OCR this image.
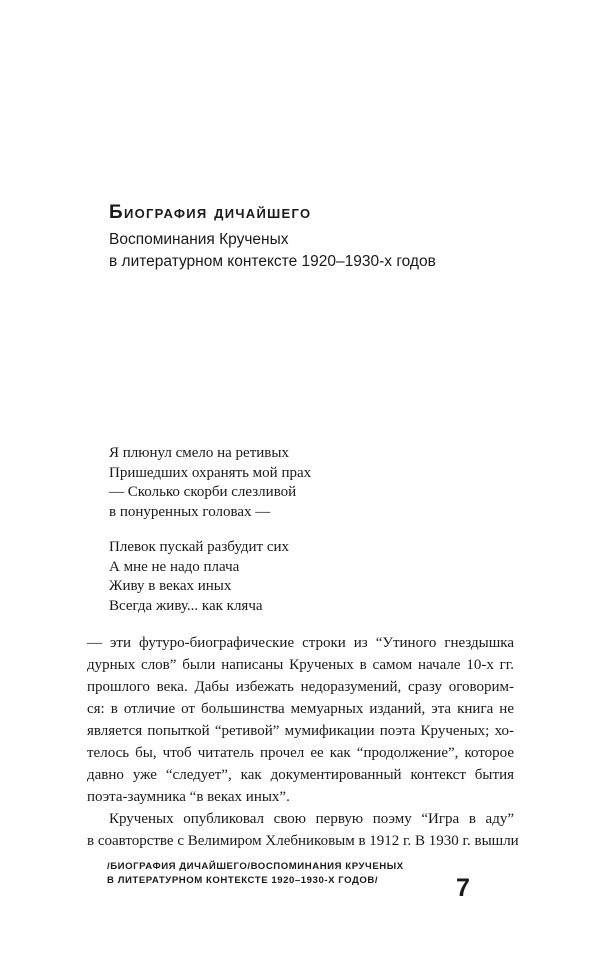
Биография дичайшего

Воспоминания Крученых

в литературном контексте 1920–1930-х годов

Я плюнул смело на ретивых
Пришедших охранять мой прах
— Сколько скорби слезливой
в понуренных головах —
Плевок пускай разбудит сих
А мне не надо плача
Живу в веках иных
Всегда живу... как кляча
— эти футуро-биографические строки из “Утиного гнездышка
дурных слов” были написаны Крученых в самом начале 10-х гг.
прошлого века. Дабы избежать недоразумений, сразу оговорим-
ся: в отличие от большинства мемуарных изданий, эта книга не
является попыткой “ретивой” мумификации поэта Крученых; хо-
телось бы, чтоб читатель прочел ее как “продолжение”, которое
давно уже “следует”, как документированный контекст бытия
поэта-заумника “в веках иных”.
Крученых опубликовал свою первую поэму “Игра в аду”
в соавторстве с Велимиром Хлебниковым в 1912 г. В 1930 г. вышли

/БИОГРАФИЯ ДИЧАЙШЕГО/ВОСПОМИНАНИЯ КРУЧЕНЫХ

В ЛИТЕРАТУРНОМ КОНТЕКСТЕ 1920–1930-Х ГОДОВ/	7
